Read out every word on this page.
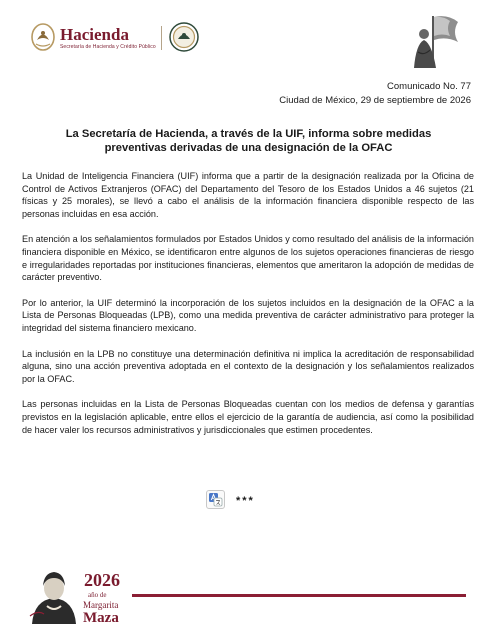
Hacienda
Secretaría de Hacienda y Crédito Público
Comunicado No. 77
Ciudad de México, 29 de septiembre de 2026
La Secretaría de Hacienda, a través de la UIF, informa sobre medidas
preventivas derivadas de una designación de la OFAC

La Unidad de Inteligencia Financiera (UIF) informa que a partir de la designación realizada por la Oficina de Control de Activos Extranjeros (OFAC) del Departamento del Tesoro de los Estados Unidos a 46 sujetos (21 físicas y 25 morales), se llevó a cabo el análisis de la información financiera disponible respecto de las personas incluidas en esa acción.

En atención a los señalamientos formulados por Estados Unidos y como resultado del análisis de la información financiera disponible en México, se identificaron entre algunos de los sujetos operaciones financieras de riesgo e irregularidades reportadas por instituciones financieras, elementos que ameritaron la adopción de medidas de carácter preventivo.

Por lo anterior, la UIF determinó la incorporación de los sujetos incluidos en la designación de la OFAC a la Lista de Personas Bloqueadas (LPB), como una medida preventiva de carácter administrativo para proteger la integridad del sistema financiero mexicano.

La inclusión en la LPB no constituye una determinación definitiva ni implica la acreditación de responsabilidad alguna, sino una acción preventiva adoptada en el contexto de la designación y los señalamientos realizados por la OFAC.

Las personas incluidas en la Lista de Personas Bloqueadas cuentan con los medios de defensa y garantías previstos en la legislación aplicable, entre ellos el ejercicio de la garantía de audiencia, así como la posibilidad de hacer valer los recursos administrativos y jurisdiccionales que estimen procedentes.

***
2026
año de
Margarita
Maza
